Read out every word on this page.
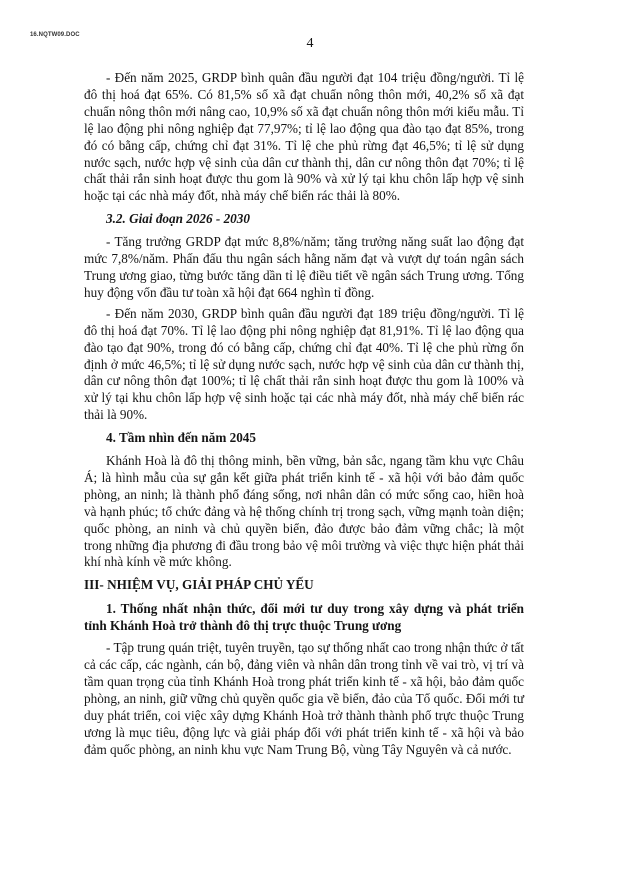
16.NQTW09.DOC
4

- Đến năm 2025, GRDP bình quân đầu người đạt 104 triệu đồng/người. Tỉ lệ đô thị hoá đạt 65%. Có 81,5% số xã đạt chuẩn nông thôn mới, 40,2% số xã đạt chuẩn nông thôn mới nâng cao, 10,9% số xã đạt chuẩn nông thôn mới kiểu mẫu. Tỉ lệ lao động phi nông nghiệp đạt 77,97%; tỉ lệ lao động qua đào tạo đạt 85%, trong đó có bằng cấp, chứng chỉ đạt 31%. Tỉ lệ che phủ rừng đạt 46,5%; tỉ lệ sử dụng nước sạch, nước hợp vệ sinh của dân cư thành thị, dân cư nông thôn đạt 70%; tỉ lệ chất thải rắn sinh hoạt được thu gom là 90% và xử lý tại khu chôn lấp hợp vệ sinh hoặc tại các nhà máy đốt, nhà máy chế biến rác thải là 80%.

3.2. Giai đoạn 2026 - 2030

- Tăng trưởng GRDP đạt mức 8,8%/năm; tăng trưởng năng suất lao động đạt mức 7,8%/năm. Phấn đấu thu ngân sách hằng năm đạt và vượt dự toán ngân sách Trung ương giao, từng bước tăng dần tỉ lệ điều tiết về ngân sách Trung ương. Tổng huy động vốn đầu tư toàn xã hội đạt 664 nghìn tỉ đồng.

- Đến năm 2030, GRDP bình quân đầu người đạt 189 triệu đồng/người. Tỉ lệ đô thị hoá đạt 70%. Tỉ lệ lao động phi nông nghiệp đạt 81,91%. Tỉ lệ lao động qua đào tạo đạt 90%, trong đó có bằng cấp, chứng chỉ đạt 40%. Tỉ lệ che phủ rừng ổn định ở mức 46,5%; tỉ lệ sử dụng nước sạch, nước hợp vệ sinh của dân cư thành thị, dân cư nông thôn đạt 100%; tỉ lệ chất thải rắn sinh hoạt được thu gom là 100% và xử lý tại khu chôn lấp hợp vệ sinh hoặc tại các nhà máy đốt, nhà máy chế biến rác thải là 90%.

4. Tầm nhìn đến năm 2045

Khánh Hoà là đô thị thông minh, bền vững, bản sắc, ngang tầm khu vực Châu Á; là hình mẫu của sự gắn kết giữa phát triển kinh tế - xã hội với bảo đảm quốc phòng, an ninh; là thành phố đáng sống, nơi nhân dân có mức sống cao, hiền hoà và hạnh phúc; tổ chức đảng và hệ thống chính trị trong sạch, vững mạnh toàn diện; quốc phòng, an ninh và chủ quyền biển, đảo được bảo đảm vững chắc; là một trong những địa phương đi đầu trong bảo vệ môi trường và việc thực hiện phát thải khí nhà kính về mức không.

III- NHIỆM VỤ, GIẢI PHÁP CHỦ YẾU

1. Thống nhất nhận thức, đổi mới tư duy trong xây dựng và phát triển tỉnh Khánh Hoà trở thành đô thị trực thuộc Trung ương

- Tập trung quán triệt, tuyên truyền, tạo sự thống nhất cao trong nhận thức ở tất cả các cấp, các ngành, cán bộ, đảng viên và nhân dân trong tỉnh về vai trò, vị trí và tầm quan trọng của tỉnh Khánh Hoà trong phát triển kinh tế - xã hội, bảo đảm quốc phòng, an ninh, giữ vững chủ quyền quốc gia về biển, đảo của Tổ quốc. Đổi mới tư duy phát triển, coi việc xây dựng Khánh Hoà trở thành thành phố trực thuộc Trung ương là mục tiêu, động lực và giải pháp đối với phát triển kinh tế - xã hội và bảo đảm quốc phòng, an ninh khu vực Nam Trung Bộ, vùng Tây Nguyên và cả nước.
